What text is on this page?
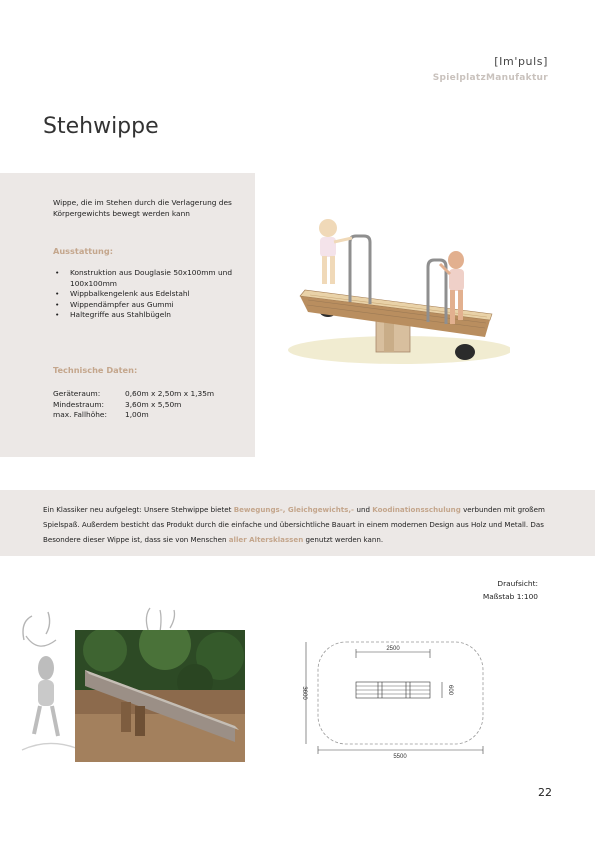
[Im'puls]
SpielplatzManufaktur
Stehwippe
Wippe, die im Stehen durch die Verlagerung des Körpergewichts bewegt werden kann
Ausstattung:
• Konstruktion aus Douglasie 50x100mm und 100x100mm
• Wippbalkengelenk aus Edelstahl
• Wippendämpfer aus Gummi
• Haltegriffe aus Stahlbügeln
Technische Daten:
Geräteraum:	0,60m x 2,50m x 1,35m
Mindestraum:	3,60m x 5,50m
max. Fallhöhe:	1,00m
Ein Klassiker neu aufgelegt: Unsere Stehwippe bietet Bewegungs-, Gleichgewichts,- und Koodinationsschulung verbunden mit großem Spielspaß. Außerdem besticht das Produkt durch die einfache und übersichtliche Bauart in einem modernen Design aus Holz und Metall. Das Besondere dieser Wippe ist, dass sie von Menschen aller Altersklassen genutzt werden kann.
Draufsicht:
Maßstab 1:100
2500
600
3600
5500
22
